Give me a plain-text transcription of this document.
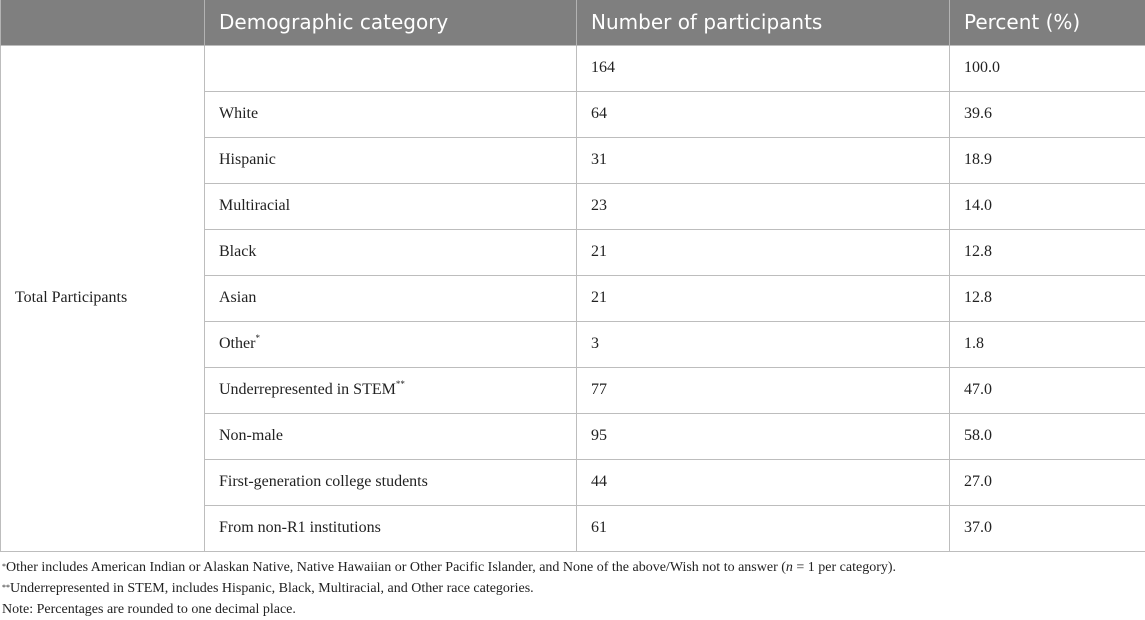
	Demographic category	Number of participants	Percent (%)
Total Participants		164	100.0
	White	64	39.6
	Hispanic	31	18.9
	Multiracial	23	14.0
	Black	21	12.8
	Asian	21	12.8
	Other*	3	1.8
	Underrepresented in STEM**	77	47.0
	Non-male	95	58.0
	First-generation college students	44	27.0
	From non-R1 institutions	61	37.0

*Other includes American Indian or Alaskan Native, Native Hawaiian or Other Pacific Islander, and None of the above/Wish not to answer (n = 1 per category).

**Underrepresented in STEM, includes Hispanic, Black, Multiracial, and Other race categories.

Note: Percentages are rounded to one decimal place.
